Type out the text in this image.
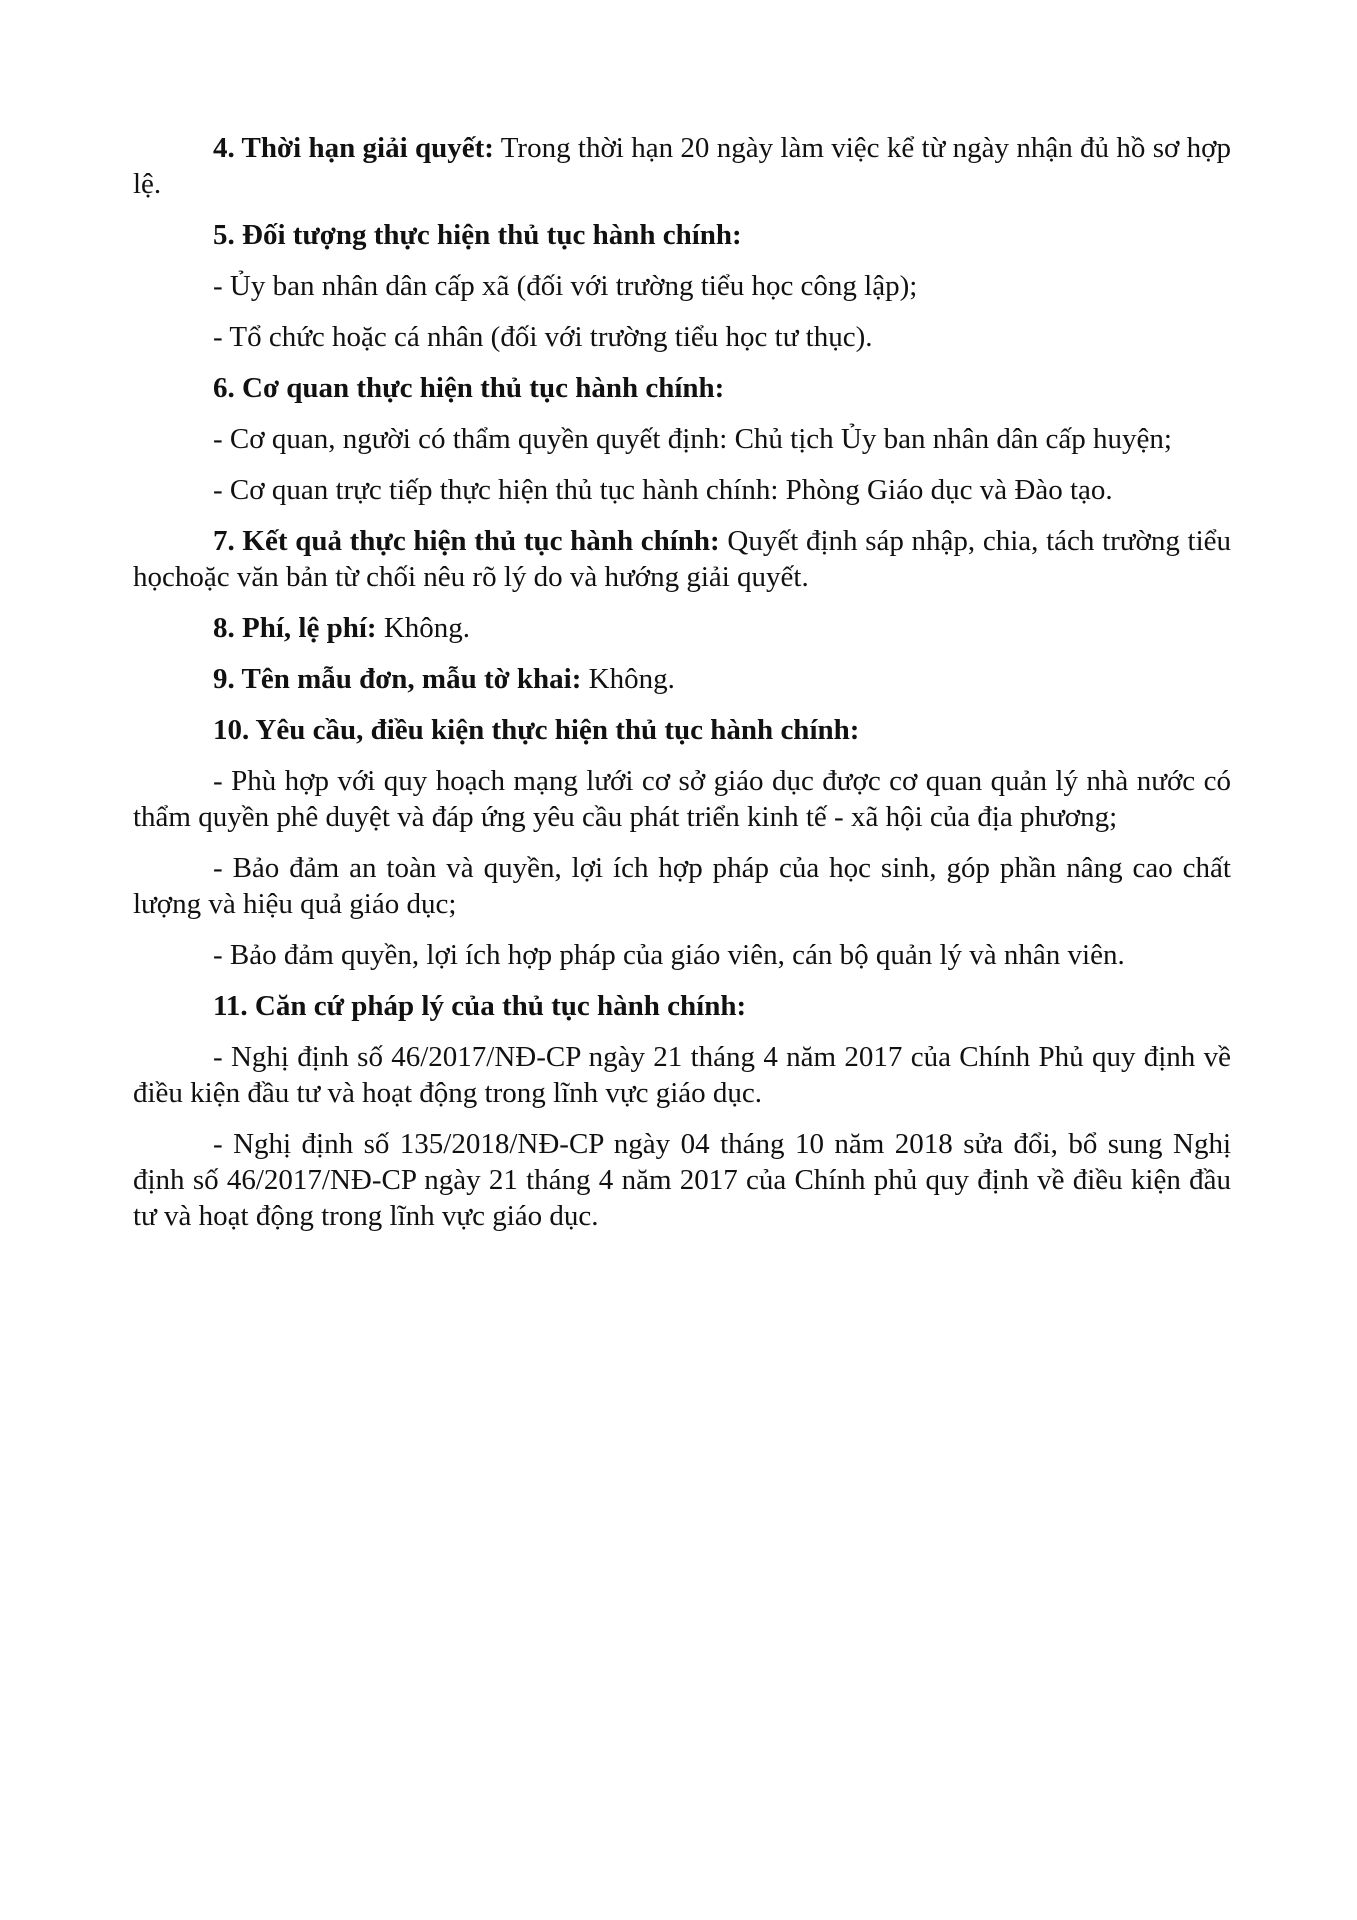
4. Thời hạn giải quyết: Trong thời hạn 20 ngày làm việc kể từ ngày nhận đủ hồ sơ hợp lệ.

5. Đối tượng thực hiện thủ tục hành chính:

- Ủy ban nhân dân cấp xã (đối với trường tiểu học công lập);

- Tổ chức hoặc cá nhân (đối với trường tiểu học tư thục).

6. Cơ quan thực hiện thủ tục hành chính:

- Cơ quan, người có thẩm quyền quyết định: Chủ tịch Ủy ban nhân dân cấp huyện;

- Cơ quan trực tiếp thực hiện thủ tục hành chính: Phòng Giáo dục và Đào tạo.

7. Kết quả thực hiện thủ tục hành chính: Quyết định sáp nhập, chia, tách trường tiểu họchoặc văn bản từ chối nêu rõ lý do và hướng giải quyết.

8. Phí, lệ phí: Không.

9. Tên mẫu đơn, mẫu tờ khai: Không.

10. Yêu cầu, điều kiện thực hiện thủ tục hành chính:

- Phù hợp với quy hoạch mạng lưới cơ sở giáo dục được cơ quan quản lý nhà nước có thẩm quyền phê duyệt và đáp ứng yêu cầu phát triển kinh tế - xã hội của địa phương;

- Bảo đảm an toàn và quyền, lợi ích hợp pháp của học sinh, góp phần nâng cao chất lượng và hiệu quả giáo dục;

- Bảo đảm quyền, lợi ích hợp pháp của giáo viên, cán bộ quản lý và nhân viên.

11. Căn cứ pháp lý của thủ tục hành chính:

- Nghị định số 46/2017/NĐ-CP ngày 21 tháng 4 năm 2017 của Chính Phủ quy định về điều kiện đầu tư và hoạt động trong lĩnh vực giáo dục.

- Nghị định số 135/2018/NĐ-CP ngày 04 tháng 10 năm 2018 sửa đổi, bổ sung Nghị định số 46/2017/NĐ-CP ngày 21 tháng 4 năm 2017 của Chính phủ quy định về điều kiện đầu tư và hoạt động trong lĩnh vực giáo dục.
